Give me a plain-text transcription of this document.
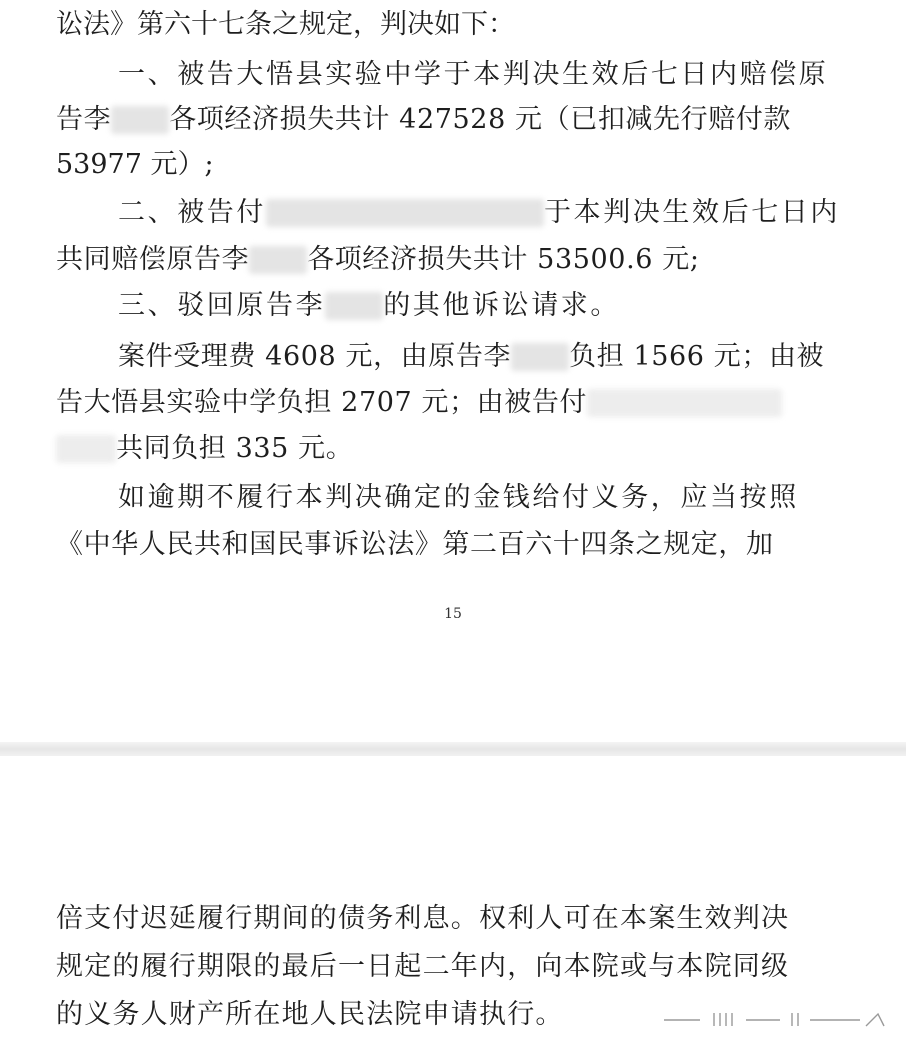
讼法》第六十七条之规定，判决如下：
一、被告大悟县实验中学于本判决生效后七日内赔偿原
告李 各项经济损失共计 427528 元（已扣减先行赔付款
53977 元）;
二、被告付	于本判决生效后七日内
共同赔偿原告李 各项经济损失共计 53500.6 元;
三、驳回原告李 的其他诉讼请求。
案件受理费 4608 元，由原告李 负担 1566 元；由被
告大悟县实验中学负担 2707 元；由被告付
共同负担 335 元。
如逾期不履行本判决确定的金钱给付义务，应当按照
《中华人民共和国民事诉讼法》第二百六十四条之规定，加
15
倍支付迟延履行期间的债务利息。权利人可在本案生效判决
规定的履行期限的最后一日起二年内，向本院或与本院同级
的义务人财产所在地人民法院申请执行。
